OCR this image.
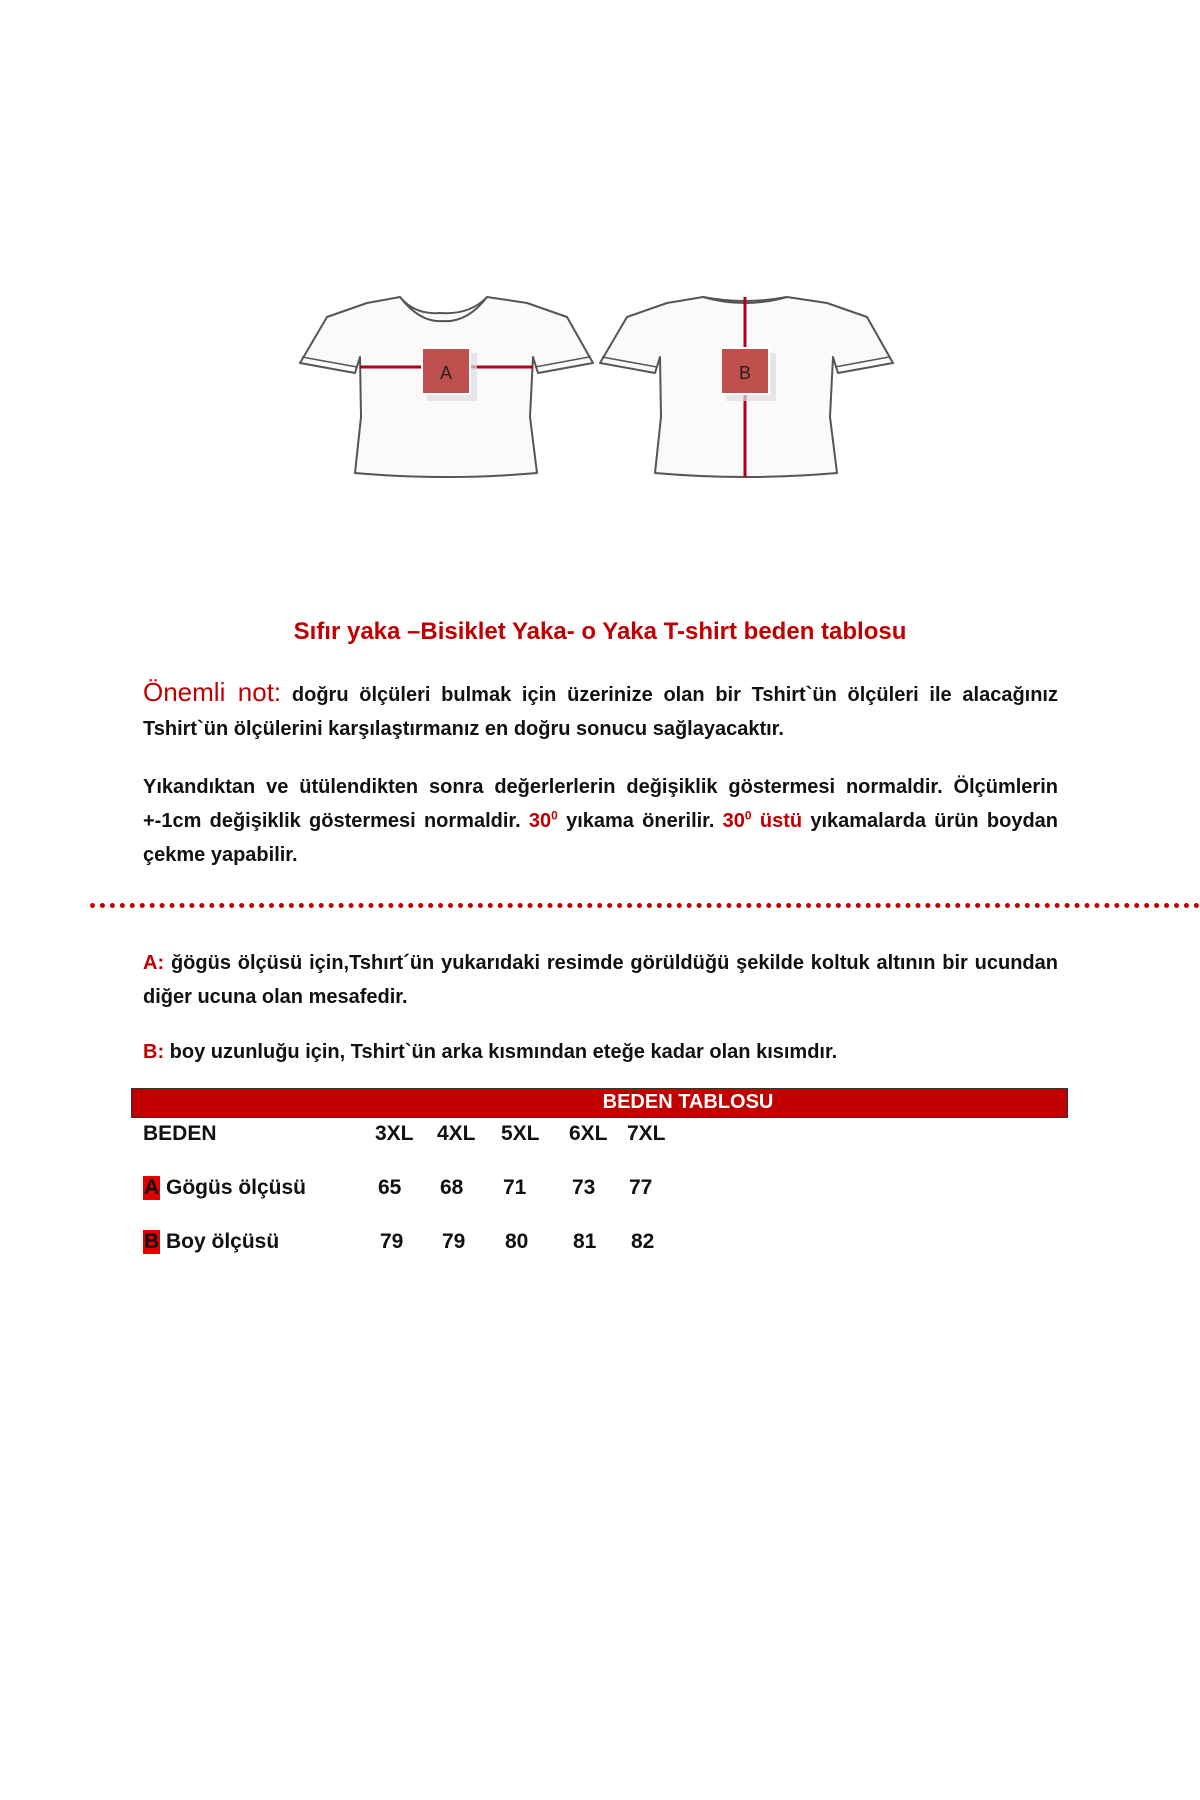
A	B
Sıfır yaka –Bisiklet Yaka- o Yaka T-shirt beden tablosu
Önemli not: doğru ölçüleri bulmak için üzerinize olan bir Tshirt`ün ölçüleri ile alacağınız Tshirt`ün ölçülerini karşılaştırmanız en doğru sonucu sağlayacaktır.
Yıkandıktan ve ütülendikten sonra değerlerlerin değişiklik göstermesi normaldir. Ölçümlerin +-1cm değişiklik göstermesi normaldir. $30^0$ yıkama önerilir. $30^0$ üstü yıkamalarda ürün boydan çekme yapabilir.
A: ğögüs ölçüsü için,Tshırt´ün yukarıdaki resimde görüldüğü şekilde koltuk altının bir ucundan diğer ucuna olan mesafedir.
B: boy uzunluğu için, Tshirt`ün arka kısmından eteğe kadar olan kısımdır.
BEDEN TABLOSU
BEDEN	3XL 4XL 5XL 6XL 7XL
A Gögüs ölçüsü	65 68 71 73 77
B Boy ölçüsü	79 79 80 81 82
